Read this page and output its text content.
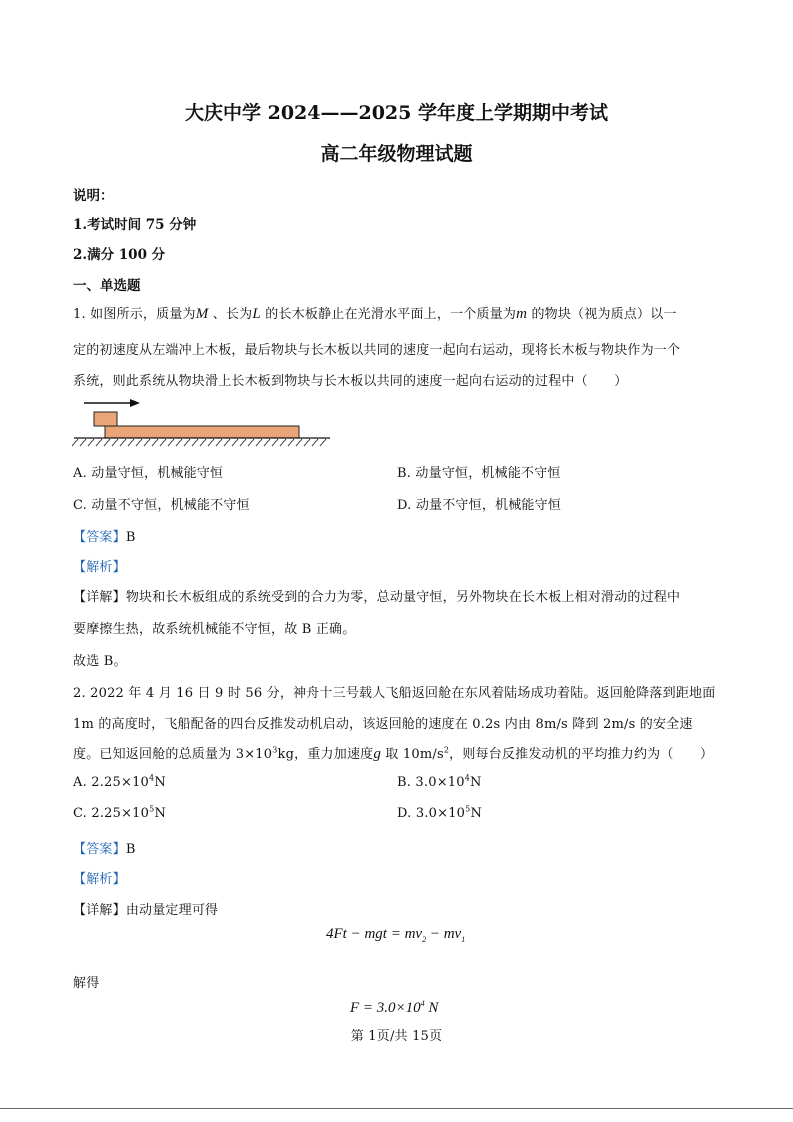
大庆中学 2024——2025 学年度上学期期中考试
高二年级物理试题
说明：
1.考试时间 75 分钟
2.满分 100 分
一、单选题
1. 如图所示，质量为M 、长为L 的长木板静止在光滑水平面上，一个质量为m 的物块（视为质点）以一
定的初速度从左端冲上木板，最后物块与长木板以共同的速度一起向右运动，现将长木板与物块作为一个
系统，则此系统从物块滑上长木板到物块与长木板以共同的速度一起向右运动的过程中（　　）
A. 动量守恒，机械能守恒	B. 动量守恒，机械能不守恒
C. 动量不守恒，机械能不守恒	D. 动量不守恒，机械能守恒
【答案】B
【解析】
【详解】物块和长木板组成的系统受到的合力为零，总动量守恒，另外物块在长木板上相对滑动的过程中
要摩擦生热，故系统机械能不守恒，故 B 正确。
故选 B。
2. 2022 年 4 月 16 日 9 时 56 分，神舟十三号载人飞船返回舱在东风着陆场成功着陆。返回舱降落到距地面
1m 的高度时，飞船配备的四台反推发动机启动，该返回舱的速度在 0.2s 内由 8m/s 降到 2m/s 的安全速
度。已知返回舱的总质量为 $3\times 10^3kg$，重力加速度g 取 $10m/s^2$，则每台反推发动机的平均推力约为（　　）
A. $2.25\times 10^4N$	B. $3.0\times 10^4N$
C. $2.25\times 10^5N$	D. $3.0\times 10^5N$
【答案】B
【解析】
【详解】由动量定理可得
4Ft − mgt = $mv_2 - mv_1$
解得
$F = 3.0\times 10^4$ N
第 1页/共 15页
